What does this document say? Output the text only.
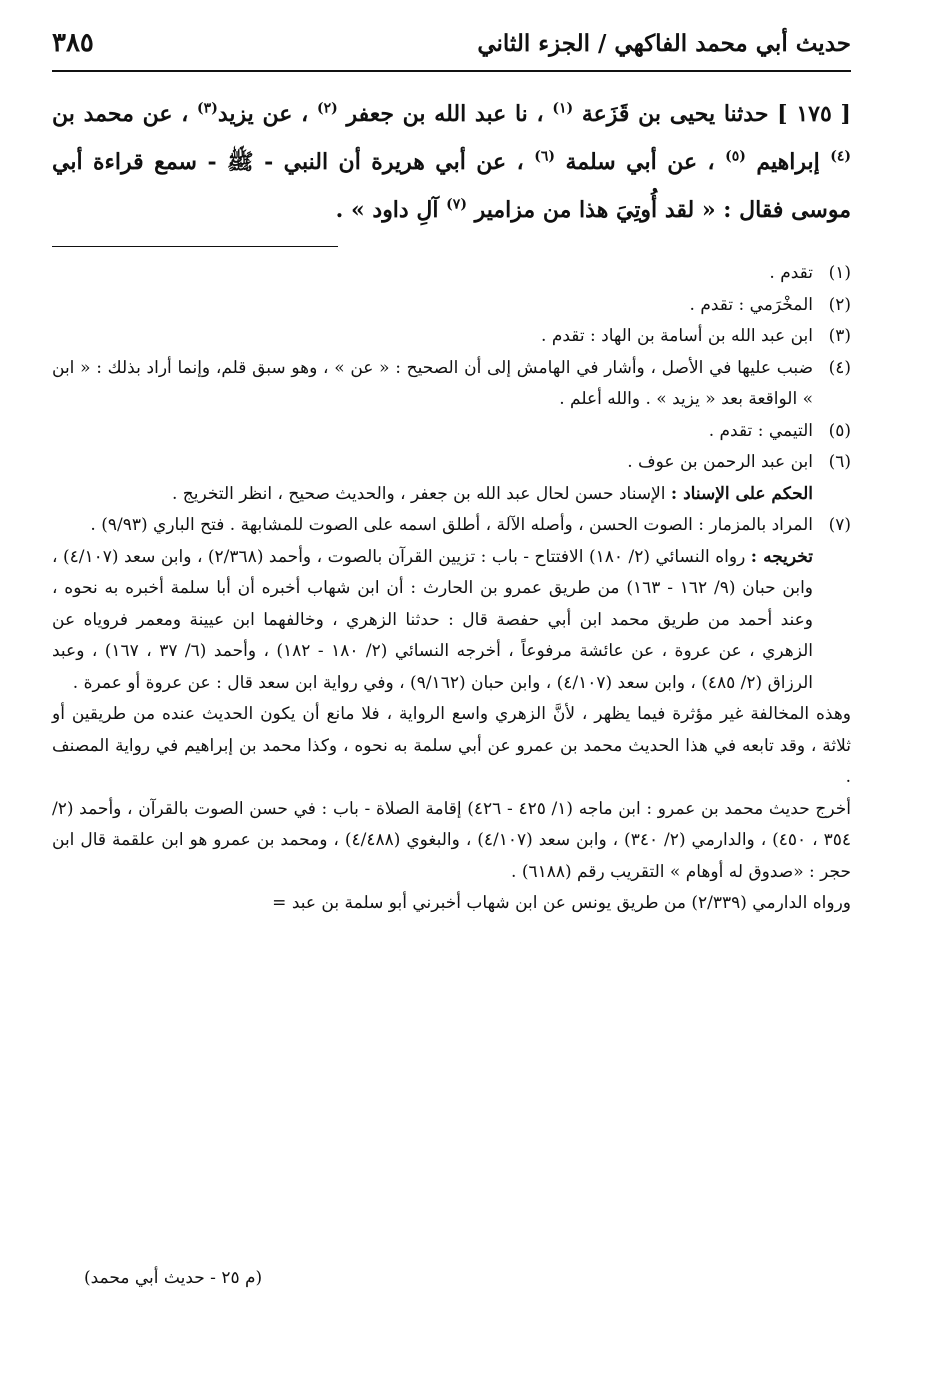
حديث أبي محمد الفاكهي / الجزء الثاني
٣٨٥
[ ١٧٥ ] حدثنا يحيى بن قَزَعة $^{(١)}$ ، نا عبد الله بن جعفر $^{(٢)}$ ، عن يزيد$^{(٣)}$ ، عن محمد بن $^{(٤)}$ إبراهيم $^{(٥)}$ ، عن أبي سلمة $^{(٦)}$ ، عن أبي هريرة أن النبي - ﷺ - سمع قراءة أبي موسى فقال : « لقد أُوتِيَ هذا من مزامير $^{(٧)}$ آلِ داود » .

(١)
تقدم .

(٢)
المخْرَمي : تقدم .

(٣)
ابن عبد الله بن أسامة بن الهاد : تقدم .

(٤)
ضبب عليها في الأصل ، وأشار في الهامش إلى أن الصحيح : « عن » ، وهو سبق قلم، وإنما أراد بذلك : « ابن » الواقعة بعد « يزيد » . والله أعلم .

(٥)
التيمي : تقدم .

(٦)
ابن عبد الرحمن بن عوف .

الحكم على الإسناد : الإسناد حسن لحال عبد الله بن جعفر ، والحديث صحيح ، انظر التخريج .

(٧)
المراد بالمزمار : الصوت الحسن ، وأصله الآلة ، أطلق اسمه على الصوت للمشابهة . فتح الباري (٩/٩٣) .

تخريجه : رواه النسائي (٢/ ١٨٠) الافتتاح - باب : تزيين القرآن بالصوت ، وأحمد (٢/٣٦٨) ، وابن سعد (٤/١٠٧) ، وابن حبان (٩/ ١٦٢ - ١٦٣) من طريق عمرو بن الحارث : أن ابن شهاب أخبره أن أبا سلمة أخبره به نحوه ، وعند أحمد من طريق محمد ابن أبي حفصة قال : حدثنا الزهري ، وخالفهما ابن عيينة ومعمر فروياه عن الزهري ، عن عروة ، عن عائشة مرفوعاً ، أخرجه النسائي (٢/ ١٨٠ - ١٨٢) ، وأحمد (٦/ ٣٧ ، ١٦٧) ، وعبد الرزاق (٢/ ٤٨٥) ، وابن سعد (٤/١٠٧) ، وابن حبان (٩/١٦٢) ، وفي رواية ابن سعد قال : عن عروة أو عمرة .

وهذه المخالفة غير مؤثرة فيما يظهر ، لأنَّ الزهري واسع الرواية ، فلا مانع أن يكون الحديث عنده من طريقين أو ثلاثة ، وقد تابعه في هذا الحديث محمد بن عمرو عن أبي سلمة به نحوه ، وكذا محمد بن إبراهيم في رواية المصنف .

أخرج حديث محمد بن عمرو : ابن ماجه (١/ ٤٢٥ - ٤٢٦) إقامة الصلاة - باب : في حسن الصوت بالقرآن ، وأحمد (٢/ ٣٥٤ ، ٤٥٠) ، والدارمي (٢/ ٣٤٠) ، وابن سعد (٤/١٠٧) ، والبغوي (٤/٤٨٨) ، ومحمد بن عمرو هو ابن علقمة قال ابن حجر : «صدوق له أوهام » التقريب رقم (٦١٨٨) .

ورواه الدارمي (٢/٣٣٩) من طريق يونس عن ابن شهاب أخبرني أبو سلمة بن عبد =

(م ٢٥ - حديث أبي محمد)
